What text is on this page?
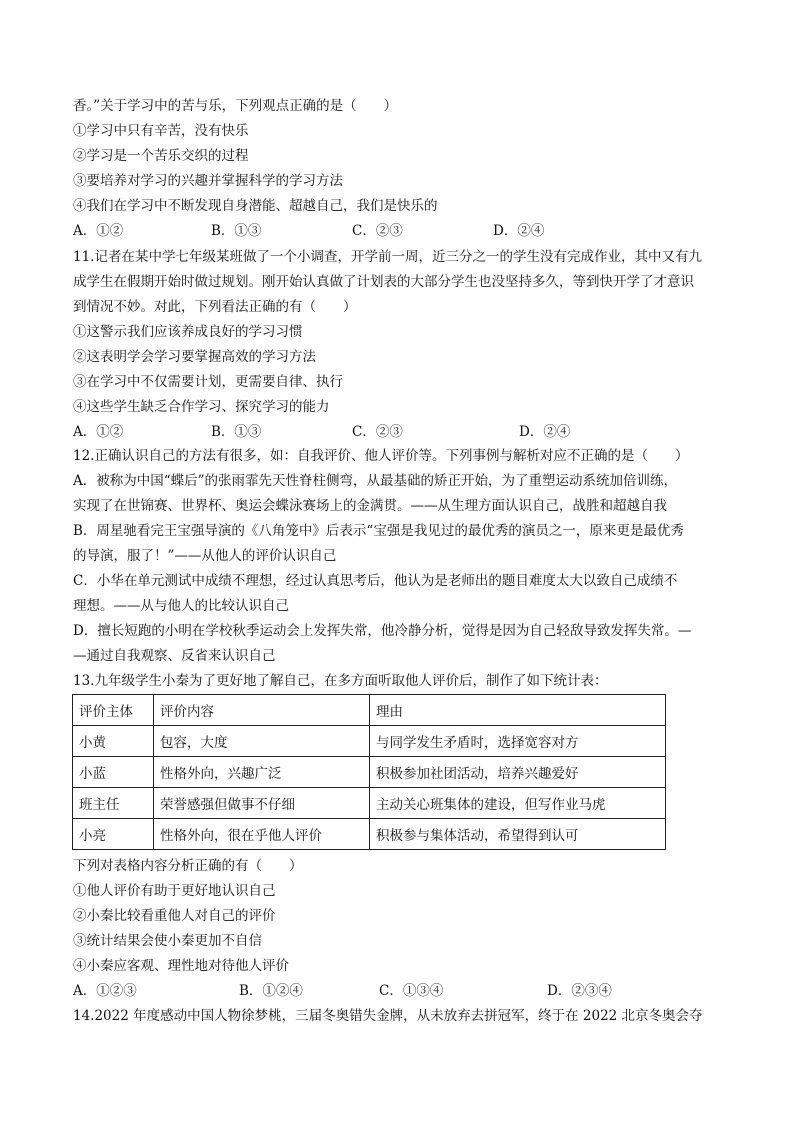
香。”关于学习中的苦与乐，下列观点正确的是（　　）
①学习中只有辛苦，没有快乐
②学习是一个苦乐交织的过程
③要培养对学习的兴趣并掌握科学的学习方法
④我们在学习中不断发现自身潜能、超越自己，我们是快乐的
A．①②	B．①③	C．②③	D．②④
11.记者在某中学七年级某班做了一个小调查，开学前一周，近三分之一的学生没有完成作业，其中又有九
成学生在假期开始时做过规划。刚开始认真做了计划表的大部分学生也没坚持多久，等到快开学了才意识
到情况不妙。对此，下列看法正确的有（　　）
①这警示我们应该养成良好的学习习惯
②这表明学会学习要掌握高效的学习方法
③在学习中不仅需要计划，更需要自律、执行
④这些学生缺乏合作学习、探究学习的能力
A．①②	B．①③	C．②③	D．②④
12.正确认识自己的方法有很多，如：自我评价、他人评价等。下列事例与解析对应不正确的是（　　）
A．被称为中国“蝶后”的张雨霏先天性脊柱侧弯，从最基础的矫正开始，为了重塑运动系统加倍训练，
实现了在世锦赛、世界杯、奥运会蝶泳赛场上的金满贯。——从生理方面认识自己，战胜和超越自我
B．周星驰看完王宝强导演的《八角笼中》后表示“宝强是我见过的最优秀的演员之一，原来更是最优秀
的导演，服了！”——从他人的评价认识自己
C．小华在单元测试中成绩不理想，经过认真思考后，他认为是老师出的题目难度太大以致自己成绩不
理想。——从与他人的比较认识自己
D．擅长短跑的小明在学校秋季运动会上发挥失常，他冷静分析，觉得是因为自己轻敌导致发挥失常。—
—通过自我观察、反省来认识自己
13.九年级学生小秦为了更好地了解自己，在多方面听取他人评价后，制作了如下统计表：
评价主体	评价内容	理由
小黄	包容，大度	与同学发生矛盾时，选择宽容对方
小蓝	性格外向，兴趣广泛	积极参加社团活动，培养兴趣爱好
班主任	荣誉感强但做事不仔细	主动关心班集体的建设，但写作业马虎
小亮	性格外向，很在乎他人评价	积极参与集体活动，希望得到认可
下列对表格内容分析正确的有（　　）
①他人评价有助于更好地认识自己
②小秦比较看重他人对自己的评价
③统计结果会使小秦更加不自信
④小秦应客观、理性地对待他人评价
A．①②③	B．①②④	C．①③④	D．②③④
14.2022 年度感动中国人物徐梦桃，三届冬奥错失金牌，从未放弃去拼冠军，终于在 2022 北京冬奥会夺
